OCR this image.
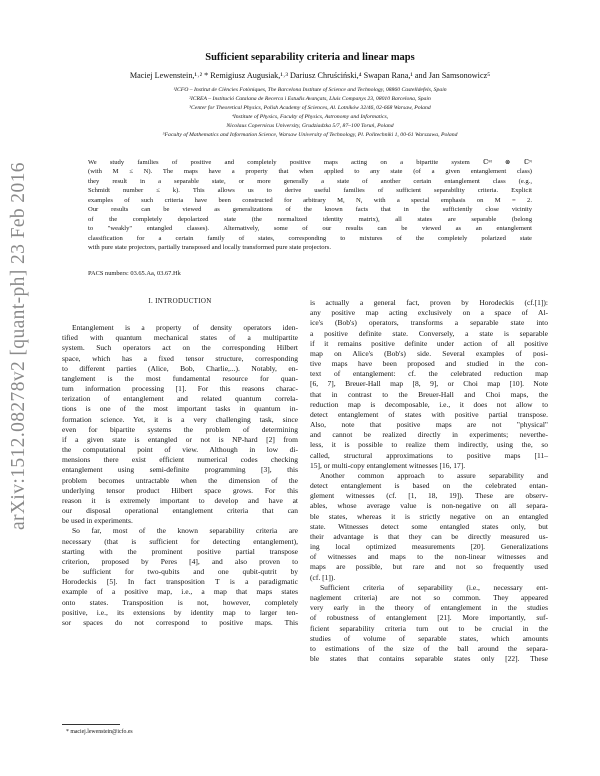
arXiv:1512.08278v2 [quant-ph] 23 Feb 2016
Sufficient separability criteria and linear maps
Maciej Lewenstein,¹˒² * Remigiusz Augusiak,¹˒³ Dariusz Chruściński,⁴ Swapan Rana,¹ and Jan Samsonowicz⁵
¹ICFO – Institut de Ciències Fotòniques, The Barcelona Institute of Science and Technology, 08860 Castelldefels, Spain
²ICREA – Institució Catalana de Recerca i Estudis Avançats, Lluis Companys 23, 08010 Barcelona, Spain
³Center for Theoretical Physics, Polish Academy of Sciences, Al. Lotników 32/46, 02-668 Warsaw, Poland
⁴Institute of Physics, Faculty of Physics, Astronomy and Informatics,
Nicolaus Copernicus University, Grudziadzka 5/7, 87–100 Toruń, Poland
⁵Faculty of Mathematics and Information Science, Warsaw University of Technology, Pl. Politechniki 1, 00-61 Warszawa, Poland
We study families of positive and completely positive maps acting on a bipartite system ℂᴹ ⊗ ℂᴺ
(with M ≤ N). The maps have a property that when applied to any state (of a given entanglement class)
they result in a separable state, or more generally a state of another certain entanglement class (e.g.,
Schmidt number ≤ k). This allows us to derive useful families of sufficient separability criteria. Explicit
examples of such criteria have been constructed for arbitrary M, N, with a special emphasis on M = 2.
Our results can be viewed as generalizations of the known facts that in the sufficiently close vicinity
of the completely depolarized state (the normalized identity matrix), all states are separable (belong
to "weakly" entangled classes). Alternatively, some of our results can be viewed as an entanglement
classification for a certain family of states, corresponding to mixtures of the completely polarized state
with pure state projectors, partially transposed and locally transformed pure state projectors.
PACS numbers: 03.65.Aa, 03.67.Hk
I. INTRODUCTION
Entanglement is a property of density operators iden-
tified with quantum mechanical states of a multipartite
system. Such operators act on the corresponding Hilbert
space, which has a fixed tensor structure, corresponding
to different parties (Alice, Bob, Charlie,...). Notably, en-
tanglement is the most fundamental resource for quan-
tum information processing [1]. For this reasons charac-
terization of entanglement and related quantum correla-
tions is one of the most important tasks in quantum in-
formation science. Yet, it is a very challenging task, since
even for bipartite systems the problem of determining
if a given state is entangled or not is NP-hard [2] from
the computational point of view. Although in low di-
mensions there exist efficient numerical codes checking
entanglement using semi-definite programming [3], this
problem becomes untractable when the dimension of the
underlying tensor product Hilbert space grows. For this
reason it is extremely important to develop and have at
our disposal operational entanglement criteria that can
be used in experiments.
So far, most of the known separability criteria are
necessary (that is sufficient for detecting entanglement),
starting with the prominent positive partial transpose
criterion, proposed by Peres [4], and also proven to
be sufficient for two-qubits and one qubit-qutrit by
Horodeckis [5]. In fact transposition T is a paradigmatic
example of a positive map, i.e., a map that maps states
onto states. Transposition is not, however, completely
positive, i.e., its extensions by identity map to larger ten-
sor spaces do not correspond to positive maps. This
is actually a general fact, proven by Horodeckis (cf.[1]):
any positive map acting exclusively on a space of Al-
ice's (Bob's) operators, transforms a separable state into
a positive definite state. Conversely, a state is separable
if it remains positive definite under action of all positive
map on Alice's (Bob's) side. Several examples of posi-
tive maps have been proposed and studied in the con-
text of entanglement: cf. the celebrated reduction map
[6, 7], Breuer-Hall map [8, 9], or Choi map [10]. Note
that in contrast to the Breuer-Hall and Choi maps, the
reduction map is decomposable, i.e., it does not allow to
detect entanglement of states with positive partial transpose.
Also, note that positive maps are not "physical"
and cannot be realized directly in experiments; neverthe-
less, it is possible to realize them indirectly, using the, so
called, structural approximations to positive maps [11–
15], or multi-copy entanglement witnesses [16, 17].
Another common approach to assure separability and
detect entanglement is based on the celebrated entan-
glement witnesses (cf. [1, 18, 19]). These are observ-
ables, whose average value is non-negative on all separa-
ble states, whereas it is strictly negative on an entangled
state. Witnesses detect some entangled states only, but
their advantage is that they can be directly measured us-
ing local optimized measurements [20]. Generalizations
of witnesses and maps to the non-linear witnesses and
maps are possible, but rare and not so frequently used
(cf. [1]).
Sufficient criteria of separability (i.e., necessary ent-
naglement criteria) are not so common. They appeared
very early in the theory of entanglement in the studies
of robustness of entanglement [21]. More importantly, suf-
ficient separability criteria turn out to be crucial in the
studies of volume of separable states, which amounts
to estimations of the size of the ball around the separa-
ble states that contains separable states only [22]. These
* maciej.lewenstein@icfo.es
